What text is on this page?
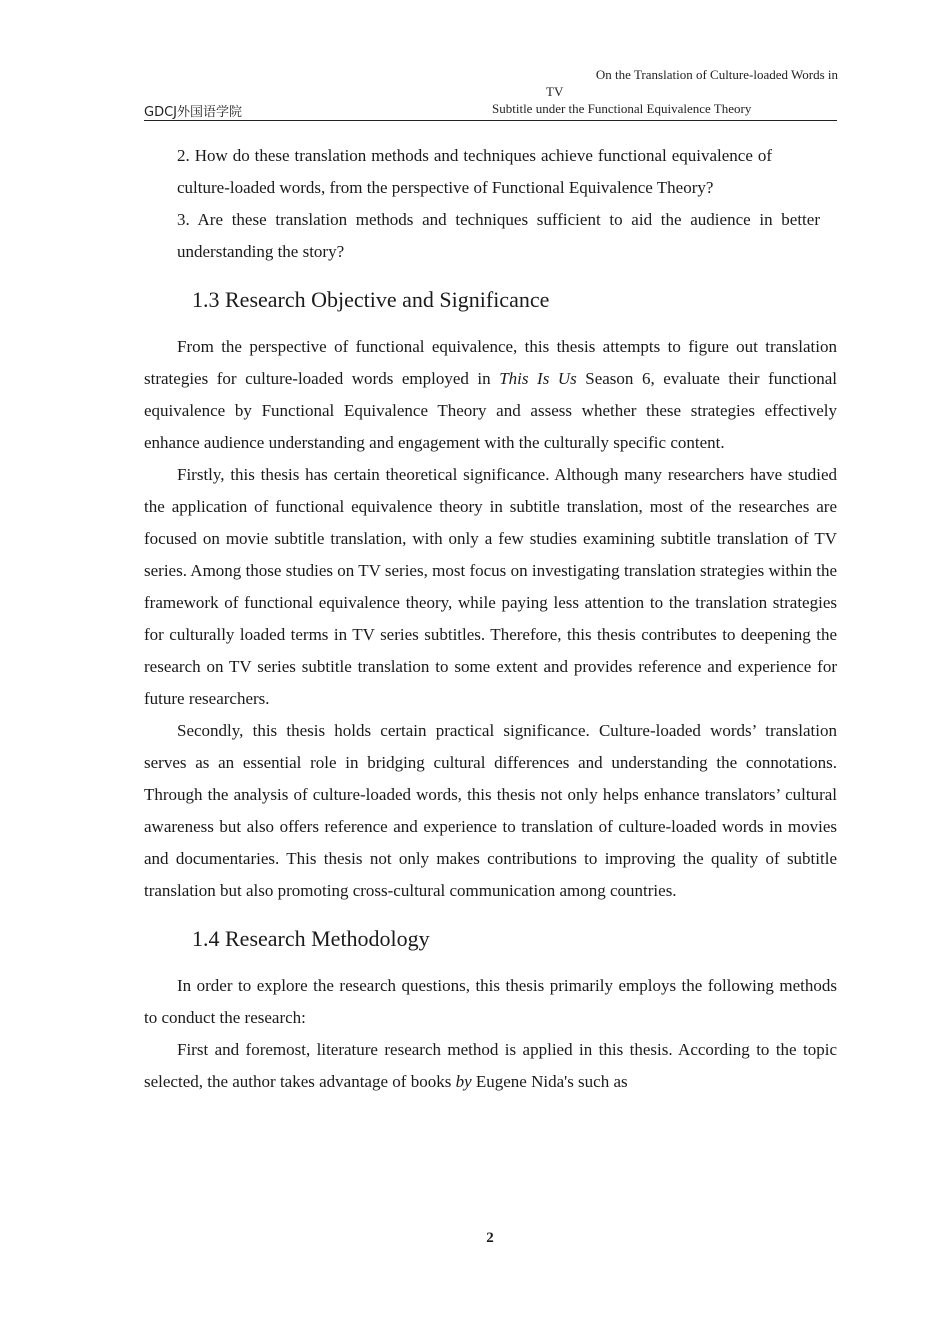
GDCJ外国语学院
On the Translation of Culture-loaded Words in
TV
Subtitle under the Functional Equivalence Theory
2. How do these translation methods and techniques achieve functional equivalence of culture-loaded words, from the perspective of Functional Equivalence Theory?
3. Are these translation methods and techniques sufficient to aid the audience in better understanding the story?
1.3 Research Objective and Significance

From the perspective of functional equivalence, this thesis attempts to figure out translation strategies for culture-loaded words employed in This Is Us Season 6, evaluate their functional equivalence by Functional Equivalence Theory and assess whether these strategies effectively enhance audience understanding and engagement with the culturally specific content.

Firstly, this thesis has certain theoretical significance. Although many researchers have studied the application of functional equivalence theory in subtitle translation, most of the researches are focused on movie subtitle translation, with only a few studies examining subtitle translation of TV series. Among those studies on TV series, most focus on investigating translation strategies within the framework of functional equivalence theory, while paying less attention to the translation strategies for culturally loaded terms in TV series subtitles. Therefore, this thesis contributes to deepening the research on TV series subtitle translation to some extent and provides reference and experience for future researchers.

Secondly, this thesis holds certain practical significance. Culture-loaded words’ translation serves as an essential role in bridging cultural differences and understanding the connotations. Through the analysis of culture-loaded words, this thesis not only helps enhance translators’ cultural awareness but also offers reference and experience to translation of culture-loaded words in movies and documentaries. This thesis not only makes contributions to improving the quality of subtitle translation but also promoting cross-cultural communication among countries.

1.4 Research Methodology

In order to explore the research questions, this thesis primarily employs the following methods to conduct the research:

First and foremost, literature research method is applied in this thesis. According to the topic selected, the author takes advantage of books by Eugene Nida's such as

2
